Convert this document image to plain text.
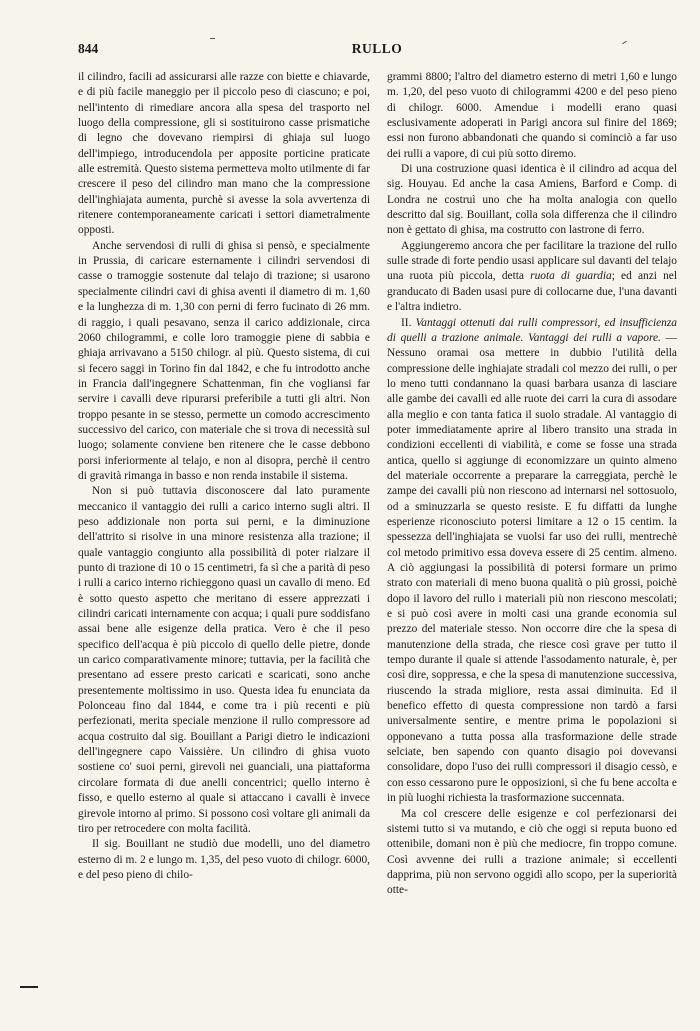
844	RULLO

il cilindro, facili ad assicurarsi alle razze con biette e chiavarde, e di più facile maneggio per il piccolo peso di ciascuno; e poi, nell'intento di rimediare ancora alla spesa del trasporto nel luogo della compressione, gli si sostituirono casse prismatiche di legno che dovevano riempirsi di ghiaja sul luogo dell'impiego, introducendola per apposite porticine praticate alle estremità. Questo sistema permetteva molto utilmente di far crescere il peso del cilindro man mano che la compressione dell'inghiajata aumenta, purchè si avesse la sola avvertenza di ritenere contemporaneamente caricati i settori diametralmente opposti.

Anche servendosi di rulli di ghisa si pensò, e specialmente in Prussia, di caricare esternamente i cilindri servendosi di casse o tramoggie sostenute dal telajo di trazione; si usarono specialmente cilindri cavi di ghisa aventi il diametro di m. 1,60 e la lunghezza di m. 1,30 con perni di ferro fucinato di 26 mm. di raggio, i quali pesavano, senza il carico addizionale, circa 2060 chilogrammi, e colle loro tramoggie piene di sabbia e ghiaja arrivavano a 5150 chilogr. al più. Questo sistema, di cui si fecero saggi in Torino fin dal 1842, e che fu introdotto anche in Francia dall'ingegnere Schattenman, fin che vogliansi far servire i cavalli deve ripurarsi preferibile a tutti gli altri. Non troppo pesante in se stesso, permette un comodo accrescimento successivo del carico, con materiale che si trova di necessità sul luogo; solamente conviene ben ritenere che le casse debbono porsi inferiormente al telajo, e non al disopra, perchè il centro di gravità rimanga in basso e non renda instabile il sistema.

Non si può tuttavia disconoscere dal lato puramente meccanico il vantaggio dei rulli a carico interno sugli altri. Il peso addizionale non porta sui perni, e la diminuzione dell'attrito si risolve in una minore resistenza alla trazione; il quale vantaggio congiunto alla possibilità di poter rialzare il punto di trazione di 10 o 15 centimetri, fa sì che a parità di peso i rulli a carico interno richieggono quasi un cavallo di meno. Ed è sotto questo aspetto che meritano di essere apprezzati i cilindri caricati internamente con acqua; i quali pure soddisfano assai bene alle esigenze della pratica. Vero è che il peso specifico dell'acqua è più piccolo di quello delle pietre, donde un carico comparativamente minore; tuttavia, per la facilità che presentano ad essere presto caricati e scaricati, sono anche presentemente moltissimo in uso. Questa idea fu enunciata da Polonceau fino dal 1844, e come tra i più recenti e più perfezionati, merita speciale menzione il rullo compressore ad acqua costruito dal sig. Bouillant a Parigi dietro le indicazioni dell'ingegnere capo Vaissière. Un cilindro di ghisa vuoto sostiene co' suoi perni, girevoli nei guanciali, una piattaforma circolare formata di due anelli concentrici; quello interno è fisso, e quello esterno al quale si attaccano i cavalli è invece girevole intorno al primo. Si possono così voltare gli animali da tiro per retrocedere con molta facilità.

Il sig. Bouillant ne studiò due modelli, uno del diametro esterno di m. 2 e lungo m. 1,35, del peso vuoto di chilogr. 6000, e del peso pieno di chilo-

grammi 8800; l'altro del diametro esterno di metri 1,60 e lungo m. 1,20, del peso vuoto di chilogrammi 4200 e del peso pieno di chilogr. 6000. Amendue i modelli erano quasi esclusivamente adoperati in Parigi ancora sul finire del 1869; essi non furono abbandonati che quando si cominciò a far uso dei rulli a vapore, di cui più sotto diremo.

Di una costruzione quasi identica è il cilindro ad acqua del sig. Houyau. Ed anche la casa Amiens, Barford e Comp. di Londra ne costruì uno che ha molta analogia con quello descritto dal sig. Bouillant, colla sola differenza che il cilindro non è gettato di ghisa, ma costrutto con lastrone di ferro.

Aggiungeremo ancora che per facilitare la trazione del rullo sulle strade di forte pendio usasi applicare sul davanti del telajo una ruota più piccola, detta ruota di guardia; ed anzi nel granducato di Baden usasi pure di collocarne due, l'una davanti e l'altra indietro.

II. Vantaggi ottenuti dai rulli compressori, ed insufficienza di quelli a trazione animale. Vantaggi dei rulli a vapore. — Nessuno oramai osa mettere in dubbio l'utilità della compressione delle inghiajate stradali col mezzo dei rulli, o per lo meno tutti condannano la quasi barbara usanza di lasciare alle gambe dei cavalli ed alle ruote dei carri la cura di assodare alla meglio e con tanta fatica il suolo stradale. Al vantaggio di poter immediatamente aprire al libero transito una strada in condizioni eccellenti di viabilità, e come se fosse una strada antica, quello si aggiunge di economizzare un quinto almeno del materiale occorrente a preparare la carreggiata, perchè le zampe dei cavalli più non riescono ad internarsi nel sottosuolo, od a sminuzzarla se questo resiste. E fu diffatti da lunghe esperienze riconosciuto potersi limitare a 12 o 15 centim. la spessezza dell'inghiajata se vuolsi far uso dei rulli, mentrechè col metodo primitivo essa doveva essere di 25 centim. almeno. A ciò aggiungasi la possibilità di potersi formare un primo strato con materiali di meno buona qualità o più grossi, poichè dopo il lavoro del rullo i materiali più non riescono mescolati; e si può così avere in molti casi una grande economia sul prezzo del materiale stesso. Non occorre dire che la spesa di manutenzione della strada, che riesce così grave per tutto il tempo durante il quale si attende l'assodamento naturale, è, per così dire, soppressa, e che la spesa di manutenzione successiva, riuscendo la strada migliore, resta assai diminuita. Ed il benefico effetto di questa compressione non tardò a farsi universalmente sentire, e mentre prima le popolazioni si opponevano a tutta possa alla trasformazione delle strade selciate, ben sapendo con quanto disagio poi dovevansi consolidare, dopo l'uso dei rulli compressori il disagio cessò, e con esso cessarono pure le opposizioni, sì che fu bene accolta e in più luoghi richiesta la trasformazione succennata.

Ma col crescere delle esigenze e col perfezionarsi dei sistemi tutto si va mutando, e ciò che oggi si reputa buono ed ottenibile, domani non è più che mediocre, fin troppo comune. Così avvenne dei rulli a trazione animale; sì eccellenti dapprima, più non servono oggidì allo scopo, per la superiorità otte-
